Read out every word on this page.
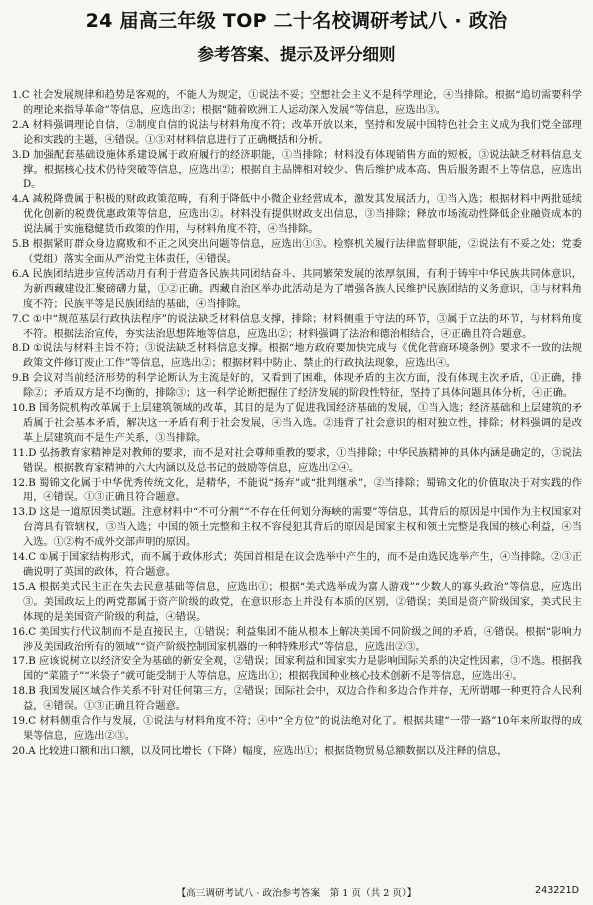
24 届高三年级 TOP 二十名校调研考试八 · 政治
参考答案、提示及评分细则

1.C 社会发展规律和趋势是客观的，不能人为规定，①说法不妥；空想社会主义不是科学理论，④当排除。根据“追切需要科学的理论来指导革命”等信息，应选出②；根据“随着欧洲工人运动深入发展”等信息，应选出③。

2.A 材料强调理论自信，②制度自信的说法与材料角度不符；改革开放以来，坚持和发展中国特色社会主义成为我们党全部理论和实践的主题，④错误。①③对材料信息进行了正确概括和分析。

3.D 加强配套基础设施体系建设属于政府履行的经济职能，①当排除；材料没有体现销售方面的短板，③说法缺乏材料信息支撑。根据核心技术仍待突破等信息，应选出②；根据自主品牌相对较少、售后维护成本高、售后服务跟不上等信息，应选出D。

4.A 减税降费属于积极的财政政策范畴，有利于降低中小微企业经营成本，激发其发展活力，①当入选；根据材料中两批延续优化创新的税费优惠政策等信息，应选出②。材料没有提供财政支出信息，③当排除；释放市场流动性降低企业融资成本的说法属于实施稳健货币政策的作用，与材料角度不符，④当排除。

5.B 根据紧盯群众身边腐败和不正之风突出问题等信息，应选出①③。检察机关履行法律监督职能，②说法有不妥之处；党委（党组）落实全面从严治党主体责任，④错误。

6.A 民族团结进步宣传活动月有利于营造各民族共同团结奋斗、共同繁荣发展的浓厚氛围，有利于铸牢中华民族共同体意识，为新西藏建设汇聚磅礴力量，①②正确。西藏自治区举办此活动是为了增强各族人民维护民族团结的义务意识，③与材料角度不符；民族平等是民族团结的基础，④当排除。

7.C ①中“规范基层行政执法程序”的说法缺乏材料信息支撑，排除；材料侧重于守法的环节，③属于立法的环节，与材料角度不符。根据法治宣传，夯实法治思想阵地等信息，应选出②；材料强调了法治和德治相结合，④正确且符合题意。

8.D ①说法与材料主旨不符；③说法缺乏材料信息支撑。根据“地方政府要加快完成与《优化营商环境条例》要求不一致的法规政策文件修订废止工作”等信息，应选出②；根据材料中防止、禁止的行政执法现象，应选出④。

9.B 会议对当前经济形势的科学论断认为主流是好的，又看到了困难，体现矛盾的主次方面，没有体现主次矛盾，①正确，排除②；矛盾双方是不均衡的，排除③；这一科学论断把握住了经济发展的阶段性特征，坚持了具体问题具体分析，④正确。

10.B 国务院机构改革属于上层建筑领域的改革，其目的是为了促进我国经济基础的发展，①当入选；经济基础和上层建筑的矛盾属于社会基本矛盾，解决这一矛盾有利于社会发展，④当入选。②违背了社会意识的相对独立性，排除；材料强调的是改革上层建筑而不是生产关系，③当排除。

11.D 弘扬教育家精神是对教师的要求，而不是对社会尊师重教的要求，①当排除；中华民族精神的具体内涵是确定的，③说法错误。根据教育家精神的六大内涵以及总书记的鼓励等信息，应选出②④。

12.B 蜀锦文化属于中华优秀传统文化，是精华，不能说“扬弃”或“批判继承”，②当排除；蜀锦文化的价值取决于对实践的作用，④错误。①③正确且符合题意。

13.D 这是一道原因类试题。注意材料中“不可分割”“不存在任何划分海峡的需要”等信息，其背后的原因是中国作为主权国家对台湾具有管辖权，③当入选；中国的领土完整和主权不容侵犯其背后的原因是国家主权和领土完整是我国的核心利益，④当入选。①②构不成外交部声明的原因。

14.C ①属于国家结构形式，而不属于政体形式；英国首相是在议会选举中产生的，而不是由选民选举产生，④当排除。②③正确说明了英国的政体，符合题意。

15.A 根据美式民主正在失去民意基础等信息，应选出①；根据“美式选举成为富人游戏”“少数人的寡头政治”等信息，应选出③。美国政坛上的两党都属于资产阶级的政党，在意识形态上并没有本质的区别，②错误；美国是资产阶级国家，美式民主体现的是美国资产阶级的利益，④错误。

16.C 美国实行代议制而不是直接民主，①错误；利益集团不能从根本上解决美国不同阶级之间的矛盾，④错误。根据“影响力涉及美国政治所有的领域”“资产阶级控制国家机器的一种特殊形式”等信息，应选出②③。

17.B 应该说树立以经济安全为基础的新安全观，②错误；国家利益和国家实力是影响国际关系的决定性因素，③不选。根据我国的“菜篮子”“米袋子”就可能受制于人等信息，应选出①；根据我国种业核心技术创新不是等信息，应选出④。

18.B 我国发展区域合作关系不针对任何第三方，②错误；国际社会中，双边合作和多边合作并存，无所谓哪一种更符合人民利益，④错误。①③正确且符合题意。

19.C 材料侧重合作与发展，①说法与材料角度不符；④中“全方位”的说法绝对化了。根据共建“一带一路”10年来所取得的成果等信息，应选出②③。

20.A 比较进口额和出口额，以及同比增长（下降）幅度，应选出①；根据货物贸易总额数据以及注释的信息，

【高三调研考试八 · 政治参考答案　第 1 页（共 2 页）】	243221D
